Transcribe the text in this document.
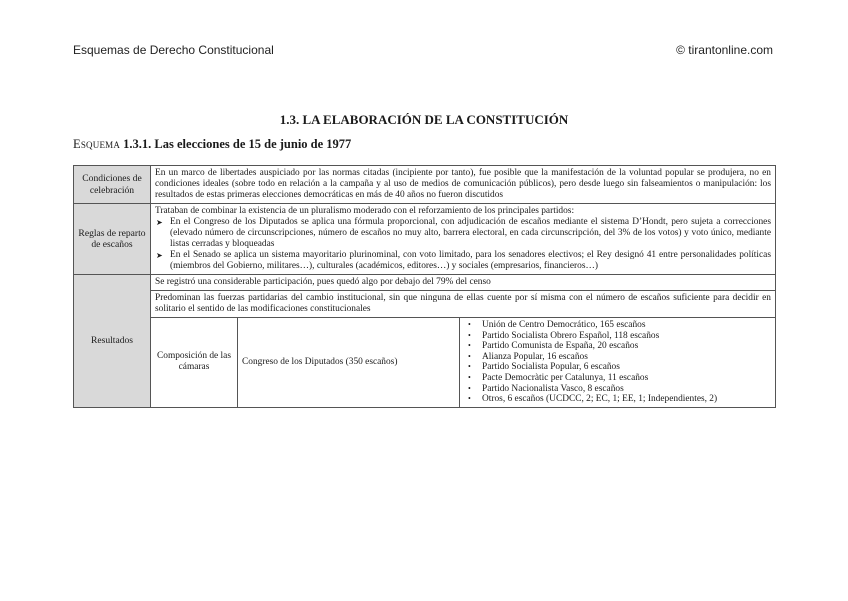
Esquemas de Derecho Constitucional	© tirantonline.com
1.3. LA ELABORACIÓN DE LA CONSTITUCIÓN
Esquema 1.3.1. Las elecciones de 15 de junio de 1977
Condiciones de celebración	En un marco de libertades auspiciado por las normas citadas (incipiente por tanto), fue posible que la manifestación de la voluntad popular se produjera, no en condiciones ideales (sobre todo en relación a la campaña y al uso de medios de comunicación públicos), pero desde luego sin falseamientos o manipulación: los resultados de estas primeras elecciones democráticas en más de 40 años no fueron discutidos
Reglas de reparto de escaños	
Trataban de combinar la existencia de un pluralismo moderado con el reforzamiento de los principales partidos:
➤ En el Congreso de los Diputados se aplica una fórmula proporcional, con adjudicación de escaños mediante el sistema D’Hondt, pero sujeta a correcciones (elevado número de circunscripciones, número de escaños no muy alto, barrera electoral, en cada circunscripción, del 3% de los votos) y voto único, mediante listas cerradas y bloqueadas
➤ En el Senado se aplica un sistema mayoritario plurinominal, con voto limitado, para los senadores electivos; el Rey designó 41 entre personalidades políticas (miembros del Gobierno, militares…), culturales (académicos, editores…) y sociales (empresarios, financieros…)

Resultados	Se registró una considerable participación, pues quedó algo por debajo del 79% del censo
Predominan las fuerzas partidarias del cambio institucional, sin que ninguna de ellas cuente por sí misma con el número de escaños suficiente para decidir en solitario el sentido de las modificaciones constitucionales

Composición de las cámaras	Congreso de los Diputados (350 escaños)	
• Unión de Centro Democrático, 165 escaños
• Partido Socialista Obrero Español, 118 escaños
• Partido Comunista de España, 20 escaños
• Alianza Popular, 16 escaños
• Partido Socialista Popular, 6 escaños
• Pacte Democràtic per Catalunya, 11 escaños
• Partido Nacionalista Vasco, 8 escaños
• Otros, 6 escaños (UCDCC, 2; EC, 1; EE, 1; Independientes, 2)
